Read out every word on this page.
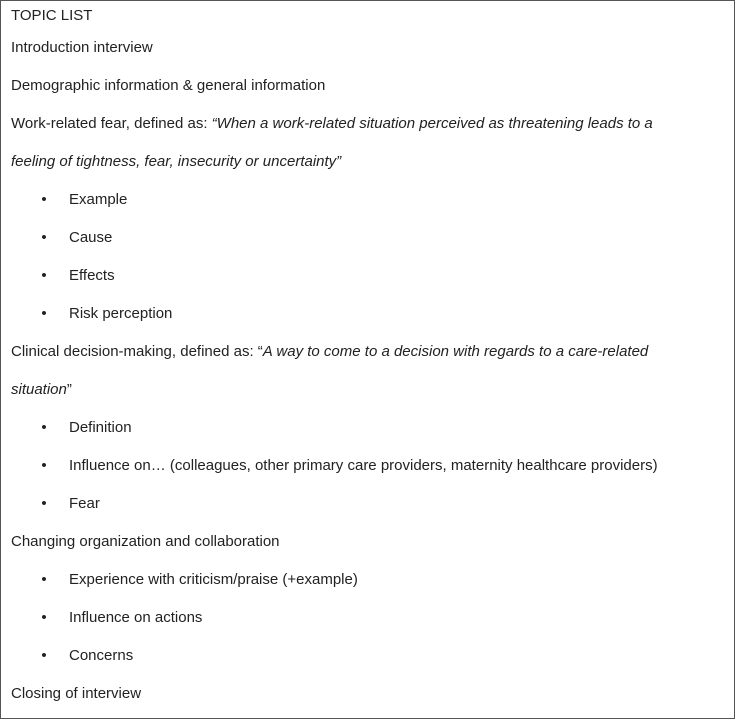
TOPIC LIST
Introduction interview
Demographic information & general information
Work-related fear, defined as: “When a work-related situation perceived as threatening leads to a
feeling of tightness, fear, insecurity or uncertainty”
• Example
• Cause
• Effects
• Risk perception
Clinical decision-making, defined as: “A way to come to a decision with regards to a care-related
situation”
• Definition
• Influence on… (colleagues, other primary care providers, maternity healthcare providers)
• Fear
Changing organization and collaboration
• Experience with criticism/praise (+example)
• Influence on actions
• Concerns
Closing of interview
